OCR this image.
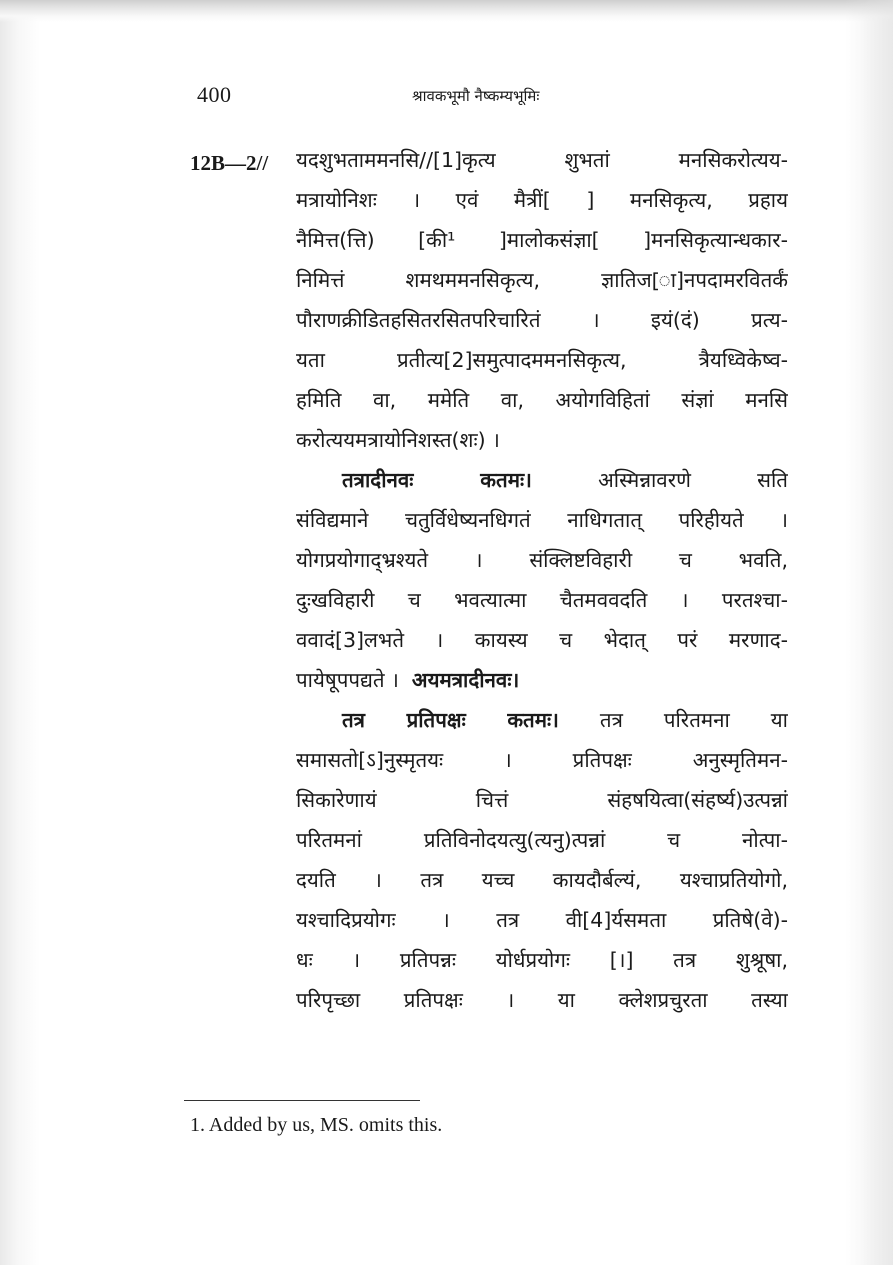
400	श्रावकभूमौ नैष्कम्यभूमिः
12B—2// यदशुभताममनसि//[1]कृत्य शुभतां मनसिकरोत्यय-
मत्रायोनिशः । एवं मैत्रीं[ ] मनसिकृत्य, प्रहाय
नैमित्त(त्ति) [की¹ ]मालोकसंज्ञा[ ]मनसिकृत्यान्धकार-
निमित्तं शमथममनसिकृत्य, ज्ञातिज[ा]नपदामरवितर्कं
पौराणक्रीडितहसितरसितपरिचारितं । इयं(दं) प्रत्य-
यता प्रतीत्य[2]समुत्पादममनसिकृत्य, त्रैयध्विकेष्व-
हमिति वा, ममेति वा, अयोगविहितां संज्ञां मनसि
करोत्ययमत्रायोनिशस्त(शः) ।
तत्रादीनवः कतमः।	अस्मिन्नावरणे सति
संविद्यमाने चतुर्विधेष्यनधिगतं नाधिगतात् परिहीयते ।
योगप्रयोगाद्भ्रश्यते । संक्लिष्टविहारी च भवति,
दुःखविहारी च भवत्यात्मा चैतमववदति । परतश्चा-
ववादं[3]लभते । कायस्य च भेदात् परं मरणाद-
पायेषूपपद्यते । अयमत्रादीनवः।
तत्र प्रतिपक्षः कतमः। तत्र परितमना या
समासतो[ऽ]नुस्मृतयः । प्रतिपक्षः अनुस्मृतिमन-
सिकारेणायं चित्तं संहषयित्वा(संहर्ष्य)उत्पन्नां
परितमनां प्रतिविनोदयत्यु(त्यनु)त्पन्नां च नोत्पा-
दयति । तत्र यच्च कायदौर्बल्यं, यश्चाप्रतियोगो,
यश्चादिप्रयोगः । तत्र वी[4]र्यसमता प्रतिषे(वे)-
धः । प्रतिपन्नः योर्धप्रयोगः [।] तत्र शुश्रूषा,
परिपृच्छा प्रतिपक्षः । या क्लेशप्रचुरता तस्या
1. Added by us, MS. omits this.
